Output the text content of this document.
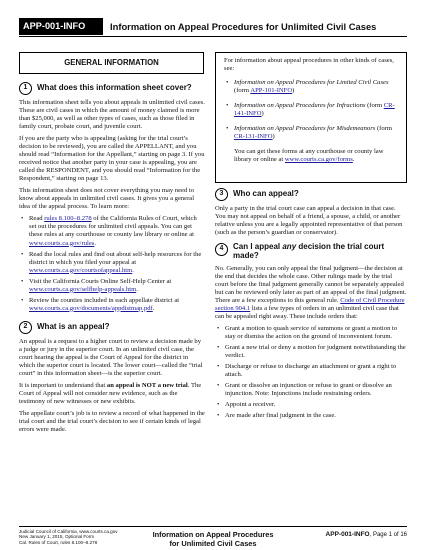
APP-001-INFO	Information on Appeal Procedures for Unlimited Civil Cases
GENERAL INFORMATION
1	What does this information sheet cover?

This information sheet tells you about appeals in unlimited civil cases. These are civil cases in which the amount of money claimed is more than $25,000, as well as other types of cases, such as those filed in family court, probate court, and juvenile court.

If you are the party who is appealing (asking for the trial court’s decision to be reviewed), you are called the APPELLANT, and you should read “Information for the Appellant,” starting on page 3. If you received notice that another party in your case is appealing, you are called the RESPONDENT, and you should read “Information for the Respondent,” starting on page 13.

This information sheet does not cover everything you may need to know about appeals in unlimited civil cases. It gives you a general idea of the appeal process. To learn more:

• Read rules 8.100–8.278 of the California Rules of Court, which set out the procedures for unlimited civil appeals. You can get these rules at any courthouse or county law library or online at www.courts.ca.gov/rules.
• Read the local rules and find out about self-help resources for the district in which you filed your appeal at www.courts.ca.gov/courtsofappeal.htm.
• Visit the California Courts Online Self-Help Center at www.courts.ca.gov/selfhelp-appeals.htm.
• Review the counties included in each appellate district at www.courts.ca.gov/documents/appdistmap.pdf.
2	What is an appeal?

An appeal is a request to a higher court to review a decision made by a judge or jury in the superior court. In an unlimited civil case, the court hearing the appeal is the Court of Appeal for the district in which the superior court is located. The lower court—called the “trial court” in this information sheet—is the superior court.

It is important to understand that an appeal is NOT a new trial. The Court of Appeal will not consider new evidence, such as the testimony of new witnesses or new exhibits.

The appellate court’s job is to review a record of what happened in the trial court and the trial court’s decision to see if certain kinds of legal errors were made.

For information about appeal procedures in other kinds of cases, see:

• Information on Appeal Procedures for Limited Civil Cases (form APP-101-INFO)
• Information on Appeal Procedures for Infractions (form CR-141-INFO)
• Information on Appeal Procedures for Misdemeanors (form CR-131-INFO)

You can get these forms at any courthouse or county law library or online at www.courts.ca.gov/forms.

3	Who can appeal?

Only a party in the trial court case can appeal a decision in that case. You may not appeal on behalf of a friend, a spouse, a child, or another relative unless you are a legally appointed representative of that person (such as the person’s guardian or conservator).

4	Can I appeal any decision the trial court made?

No. Generally, you can only appeal the final judgment—the decision at the end that decides the whole case. Other rulings made by the trial court before the final judgment generally cannot be separately appealed but can be reviewed only later as part of an appeal of the final judgment. There are a few exceptions to this general rule. Code of Civil Procedure section 904.1 lists a few types of orders in an unlimited civil case that can be appealed right away. These include orders that:

• Grant a motion to quash service of summons or grant a motion to stay or dismiss the action on the ground of inconvenient forum.
• Grant a new trial or deny a motion for judgment notwithstanding the verdict.
• Discharge or refuse to discharge an attachment or grant a right to attach.
• Grant or dissolve an injunction or refuse to grant or dissolve an injunction. Note: Injunctions include restraining orders.
• Appoint a receiver.
• Are made after final judgment in the case.
Judicial Council of California, www.courts.ca.gov
New January 1, 2015, Optional Form
Cal. Rules of Court, rules 8.100–8.278
Information on Appeal Procedures
for Unlimited Civil Cases
APP-001-INFO, Page 1 of 16
